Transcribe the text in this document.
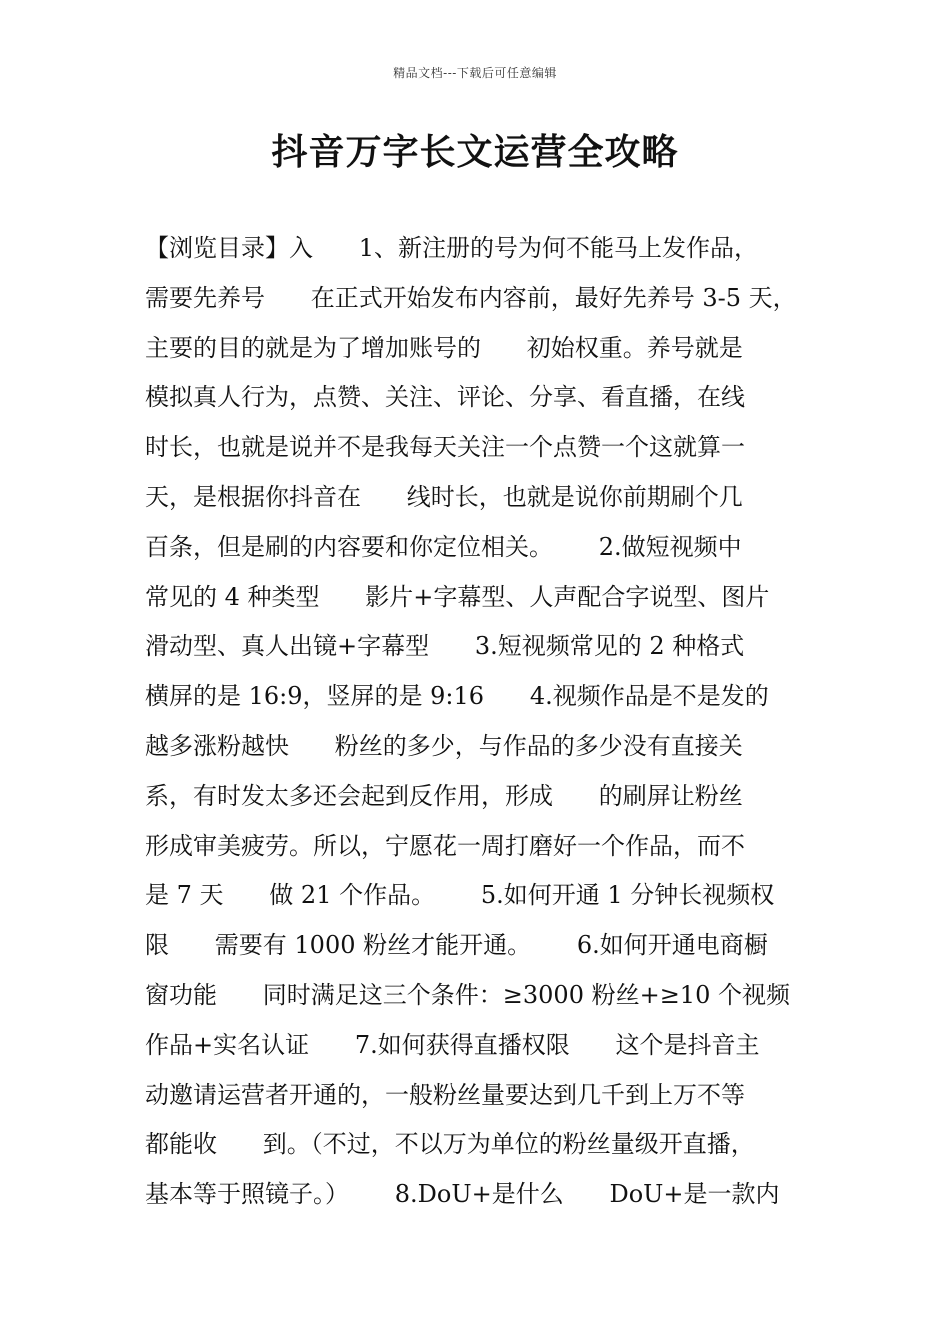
精品文档---下载后可任意编辑
抖音万字长文运营全攻略
【浏览目录】入      1、新注册的号为何不能马上发作品，
需要先养号      在正式开始发布内容前，最好先养号 3-5 天，
主要的目的就是为了增加账号的      初始权重。养号就是
模拟真人行为，点赞、关注、评论、分享、看直播，在线
时长，也就是说并不是我每天关注一个点赞一个这就算一
天，是根据你抖音在      线时长，也就是说你前期刷个几
百条，但是刷的内容要和你定位相关。      2.做短视频中
常见的 4 种类型      影片+字幕型、人声配合字说型、图片
滑动型、真人出镜+字幕型      3.短视频常见的 2 种格式
横屏的是 16:9，竖屏的是 9:16      4.视频作品是不是发的
越多涨粉越快      粉丝的多少，与作品的多少没有直接关
系，有时发太多还会起到反作用，形成      的刷屏让粉丝
形成审美疲劳。所以，宁愿花一周打磨好一个作品，而不
是 7 天      做 21 个作品。      5.如何开通 1 分钟长视频权
限      需要有 1000 粉丝才能开通。      6.如何开通电商橱
窗功能      同时满足这三个条件：≥3000 粉丝+≥10 个视频
作品+实名认证      7.如何获得直播权限      这个是抖音主
动邀请运营者开通的，一般粉丝量要达到几千到上万不等
都能收      到。（不过，不以万为单位的粉丝量级开直播，
基本等于照镜子。）      8.DoU+是什么      DoU+是一款内
